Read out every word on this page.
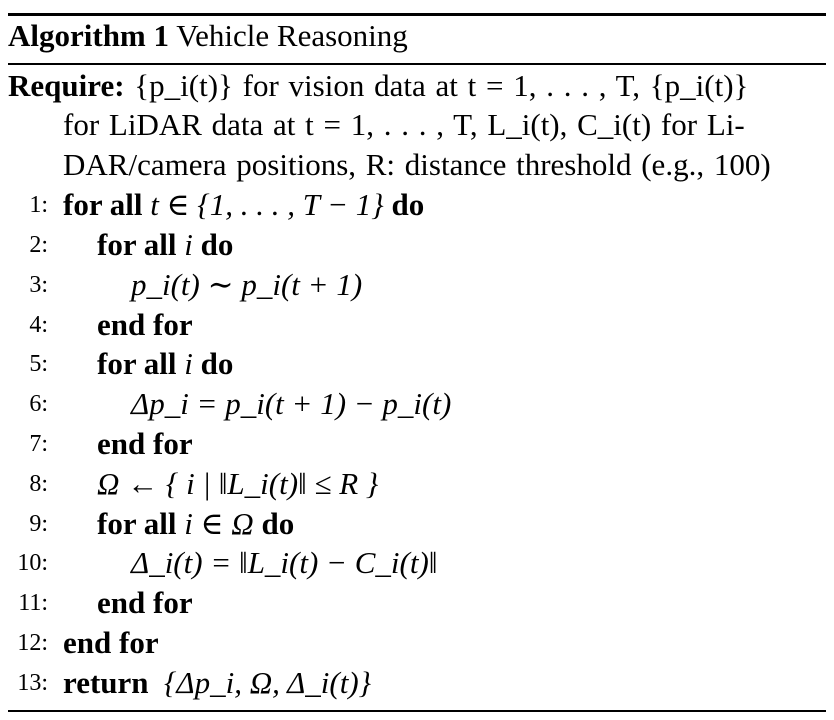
Algorithm 1 Vehicle Reasoning
Require: {p_i(t)} for vision data at t = 1, . . . , T, {p_i(t)}
for LiDAR data at t = 1, . . . , T, L_i(t), C_i(t) for Li-
DAR/camera positions, R: distance threshold (e.g., 100)
1: for all t ∈ {1, . . . , T − 1} do
2: for all i do
3:	p_i(t) ∼ p_i(t + 1)
4: end for
5: for all i do
6:	Δp_i = p_i(t + 1) − p_i(t)
7: end for
8: Ω ← { i | ‖L_i(t)‖ ≤ R }
9: for all i ∈ Ω do
10:	Δ_i(t) = ‖L_i(t) − C_i(t)‖
11: end for
12: end for
13: return {Δp_i, Ω, Δ_i(t)}
